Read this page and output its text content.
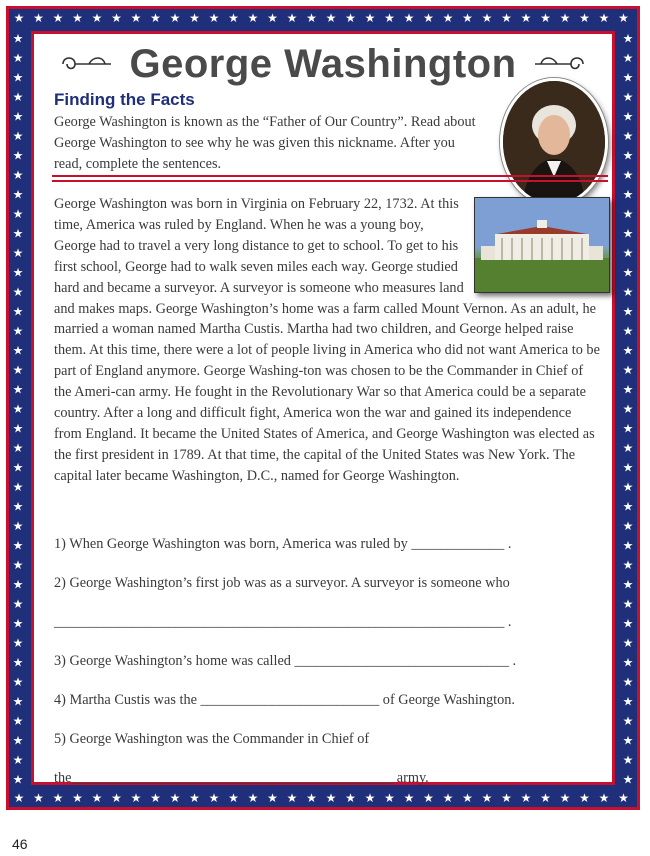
★
★
★
★
★
★
★
★
★
★
★
★
★
★
★
★
★
★
★
★
★
★
★
★
★
★
★
★
★
★
★
★
★
★
★
★
★
★
★
★
★
★
★
★
★
★
★
★
★
★
★
★
★
★
★
★
★
★
★
★
★
★
★
★
★	★
★	★
★	★
★	★
★	★
★	★
★	★
★	★
★	★
★	★
★	★
★	★
★	★
★	★
★	★
★	★
★	★
★	★
★	★
★	★
★	★
★	★
★	★
★	★
★	★
★	★
★	★
★	★
★	★
★	★
★	★
★	★
★	★
★	★
★	★
★	★
★	★
★	★
★	★
George Washington
Finding the Facts
George Washington is known as the “Father of Our Country”. Read about George Washington to see why he was given this nickname. After you read, complete the sentences.

George Washington was born in Virginia on February 22, 1732. At this time, America was ruled by England. When he was a young boy, George had to travel a very long distance to get to school. To get to his first school, George had to walk seven miles each way. George studied hard and became a surveyor. A surveyor is someone who measures land and makes maps. George Washington’s home was a farm called Mount Vernon. As an adult, he married a woman named Martha Custis. Martha had two children, and George helped raise them. At this time, there were a lot of people living in America who did not want America to be part of England anymore. George Washing-ton was chosen to be the Commander in Chief of the Ameri-can army. He fought in the Revolutionary War so that America could be a separate country. After a long and difficult fight, America won the war and gained its independence from England. It became the United States of America, and George Washington was elected as the first president in 1789. At that time, the capital of the United States was New York. The capital later became Washington, D.C., named for George Washington.

1) When George Washington was born, America was ruled by _____________ .
2) George Washington’s first job was as a surveyor. A surveyor is someone who
_______________________________________________________________ .
3) George Washington’s home was called ______________________________ .
4) Martha Custis was the _________________________ of George Washington.
5) George Washington was the Commander in Chief of
the_____________________________________________ army.
46
